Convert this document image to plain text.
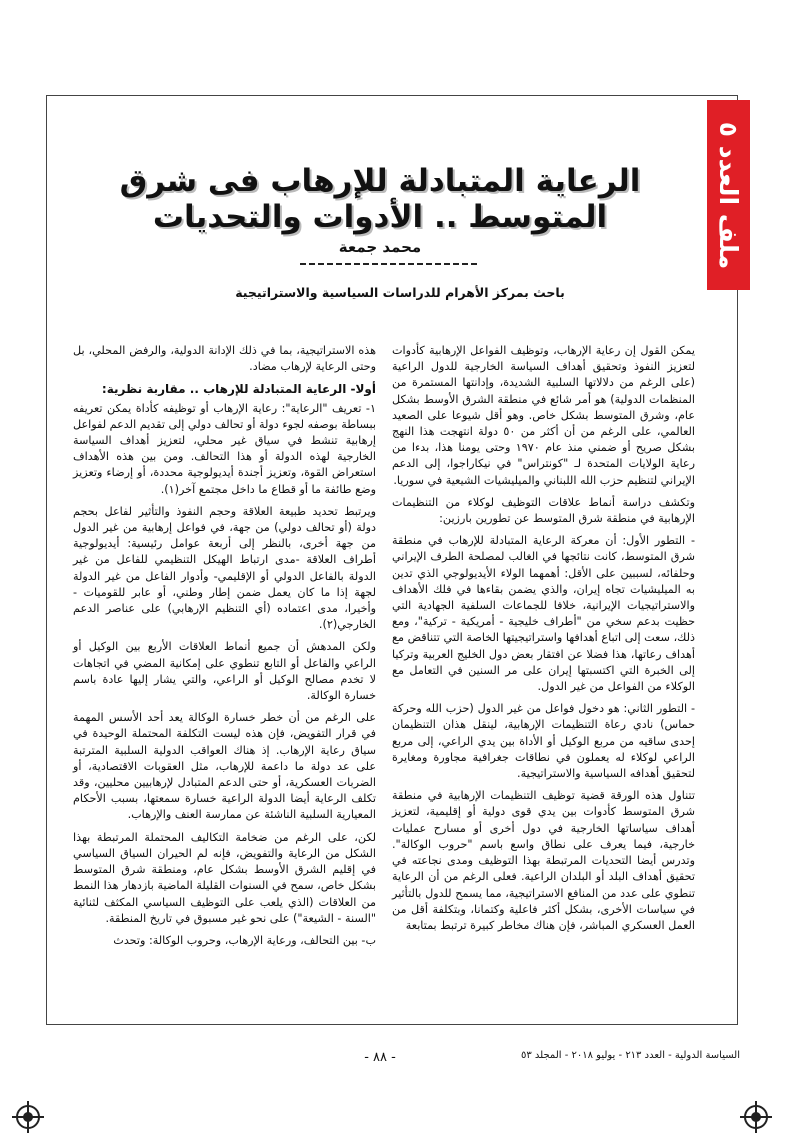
ملف العدد ٥
الرعاية المتبادلة للإرهاب فى شرق المتوسط .. الأدوات والتحديات
محمد جمعة
باحث بمركز الأهرام للدراسات السياسية والاستراتيجية

يمكن القول إن رعاية الإرهاب، وتوظيف الفواعل الإرهابية كأدوات لتعزيز النفوذ وتحقيق أهداف السياسة الخارجية للدول الراعية (على الرغم من دلالاتها السلبية الشديدة، وإدانتها المستمرة من المنظمات الدولية) هو أمر شائع في منطقة الشرق الأوسط بشكل عام، وشرق المتوسط بشكل خاص. وهو أقل شيوعا على الصعيد العالمي، على الرغم من أن أكثر من ٥٠ دولة انتهجت هذا النهج بشكل صريح أو ضمني منذ عام ١٩٧٠ وحتى يومنا هذا، بدءا من رعاية الولايات المتحدة لـ "كونتراس" في نيكاراجوا، إلى الدعم الإيراني لتنظيم حزب الله اللبناني والميليشيات الشيعية في سوريا.

وتكشف دراسة أنماط علاقات التوظيف لوكلاء من التنظيمات الإرهابية في منطقة شرق المتوسط عن تطورين بارزين:

- التطور الأول: أن معركة الرعاية المتبادلة للإرهاب في منطقة شرق المتوسط، كانت نتائجها في الغالب لمصلحة الطرف الإيراني وحلفائه، لسببين على الأقل: أهمهما الولاء الأيديولوجي الذي تدين به الميليشيات تجاه إيران، والذي يضمن بقاءها في فلك الأهداف والاستراتيجيات الإيرانية، خلافا للجماعات السلفية الجهادية التي حظيت بدعم سخي من "أطراف خليجية - أمريكية - تركية"، ومع ذلك، سعت إلى اتباع أهدافها واستراتيجيتها الخاصة التي تتناقض مع أهداف رعاتها، هذا فضلا عن افتقار بعض دول الخليج العربية وتركيا إلى الخبرة التي اكتسبتها إيران على مر السنين في التعامل مع الوكلاء من الفواعل من غير الدول.

- التطور الثاني: هو دخول فواعل من غير الدول (حزب الله وحركة حماس) نادي رعاة التنظيمات الإرهابية، لينقل هذان التنظيمان إحدى ساقيه من مربع الوكيل أو الأداة بين يدي الراعي، إلى مربع الراعي لوكلاء له يعملون في نطاقات جغرافية مجاورة ومغايرة لتحقيق أهدافه السياسية والاستراتيجية.

تتناول هذه الورقة قضية توظيف التنظيمات الإرهابية في منطقة شرق المتوسط كأدوات بين يدي قوى دولية أو إقليمية، لتعزيز أهداف سياساتها الخارجية في دول أخرى أو مسارح عمليات خارجية، فيما يعرف على نطاق واسع باسم "حروب الوكالة". وتدرس أيضا التحديات المرتبطة بهذا التوظيف ومدى نجاعته في تحقيق أهداف البلد أو البلدان الراعية. فعلى الرغم من أن الرعاية تنطوي على عدد من المنافع الاستراتيجية، مما يسمح للدول بالتأثير في سياسات الأخرى، بشكل أكثر فاعلية وكتمانا، وبتكلفة أقل من العمل العسكري المباشر، فإن هناك مخاطر كبيرة ترتبط بمتابعة

هذه الاستراتيجية، بما في ذلك الإدانة الدولية، والرفض المحلي، بل وحتى الرعاية لإرهاب مضاد.

أولا- الرعاية المتبادلة للإرهاب .. مقاربة نظرية:

١- تعريف "الرعاية": رعاية الإرهاب أو توظيفه كأداة يمكن تعريفه ببساطة بوصفه لجوء دولة أو تحالف دولي إلى تقديم الدعم لفواعل إرهابية تنشط في سياق غير محلي، لتعزيز أهداف السياسة الخارجية لهذه الدولة أو هذا التحالف. ومن بين هذه الأهداف استعراض القوة، وتعزيز أجندة أيديولوجية محددة، أو إرضاء وتعزيز وضع طائفة ما أو قطاع ما داخل مجتمع آخر(١).

ويرتبط تحديد طبيعة العلاقة وحجم النفوذ والتأثير لفاعل بحجم دولة (أو تحالف دولي) من جهة، في فواعل إرهابية من غير الدول من جهة أخرى، بالنظر إلى أربعة عوامل رئيسية: أيديولوجية أطراف العلاقة -مدى ارتباط الهيكل التنظيمي للفاعل من غير الدولة بالفاعل الدولي أو الإقليمي- وأدوار الفاعل من غير الدولة لجهة إذا ما كان يعمل ضمن إطار وطني، أو عابر للقوميات - وأخيرا، مدى اعتماده (أي التنظيم الإرهابي) على عناصر الدعم الخارجي(٢).

ولكن المدهش أن جميع أنماط العلاقات الأربع بين الوكيل أو الراعي والفاعل أو التابع تنطوي على إمكانية المضي في اتجاهات لا تخدم مصالح الوكيل أو الراعي، والتي يشار إليها عادة باسم خسارة الوكالة.

على الرغم من أن خطر خسارة الوكالة يعد أحد الأسس المهمة في قرار التفويض، فإن هذه ليست التكلفة المحتملة الوحيدة في سياق رعاية الإرهاب. إذ هناك العواقب الدولية السلبية المترتبة على عد دولة ما داعمة للإرهاب، مثل العقوبات الاقتصادية، أو الضربات العسكرية، أو حتى الدعم المتبادل لإرهابيين محليين، وقد تكلف الرعاية أيضا الدولة الراعية خسارة سمعتها، بسبب الأحكام المعيارية السلبية الناشئة عن ممارسة العنف والإرهاب.

لكن، على الرغم من ضخامة التكاليف المحتملة المرتبطة بهذا الشكل من الرعاية والتفويض، فإنه لم الحيران السياق السياسي في إقليم الشرق الأوسط بشكل عام، ومنطقة شرق المتوسط بشكل خاص، سمح في السنوات القليلة الماضية بازدهار هذا النمط من العلاقات (الذي يلعب على التوظيف السياسي المكثف لثنائية "السنة - الشيعة") على نحو غير مسبوق في تاريخ المنطقة.

ب- بين التحالف، ورعاية الإرهاب، وحروب الوكالة: وتحدث

السياسة الدولية - العدد ٢١٣ - يوليو ٢٠١٨ - المجلد ٥٣
- ٨٨ -
